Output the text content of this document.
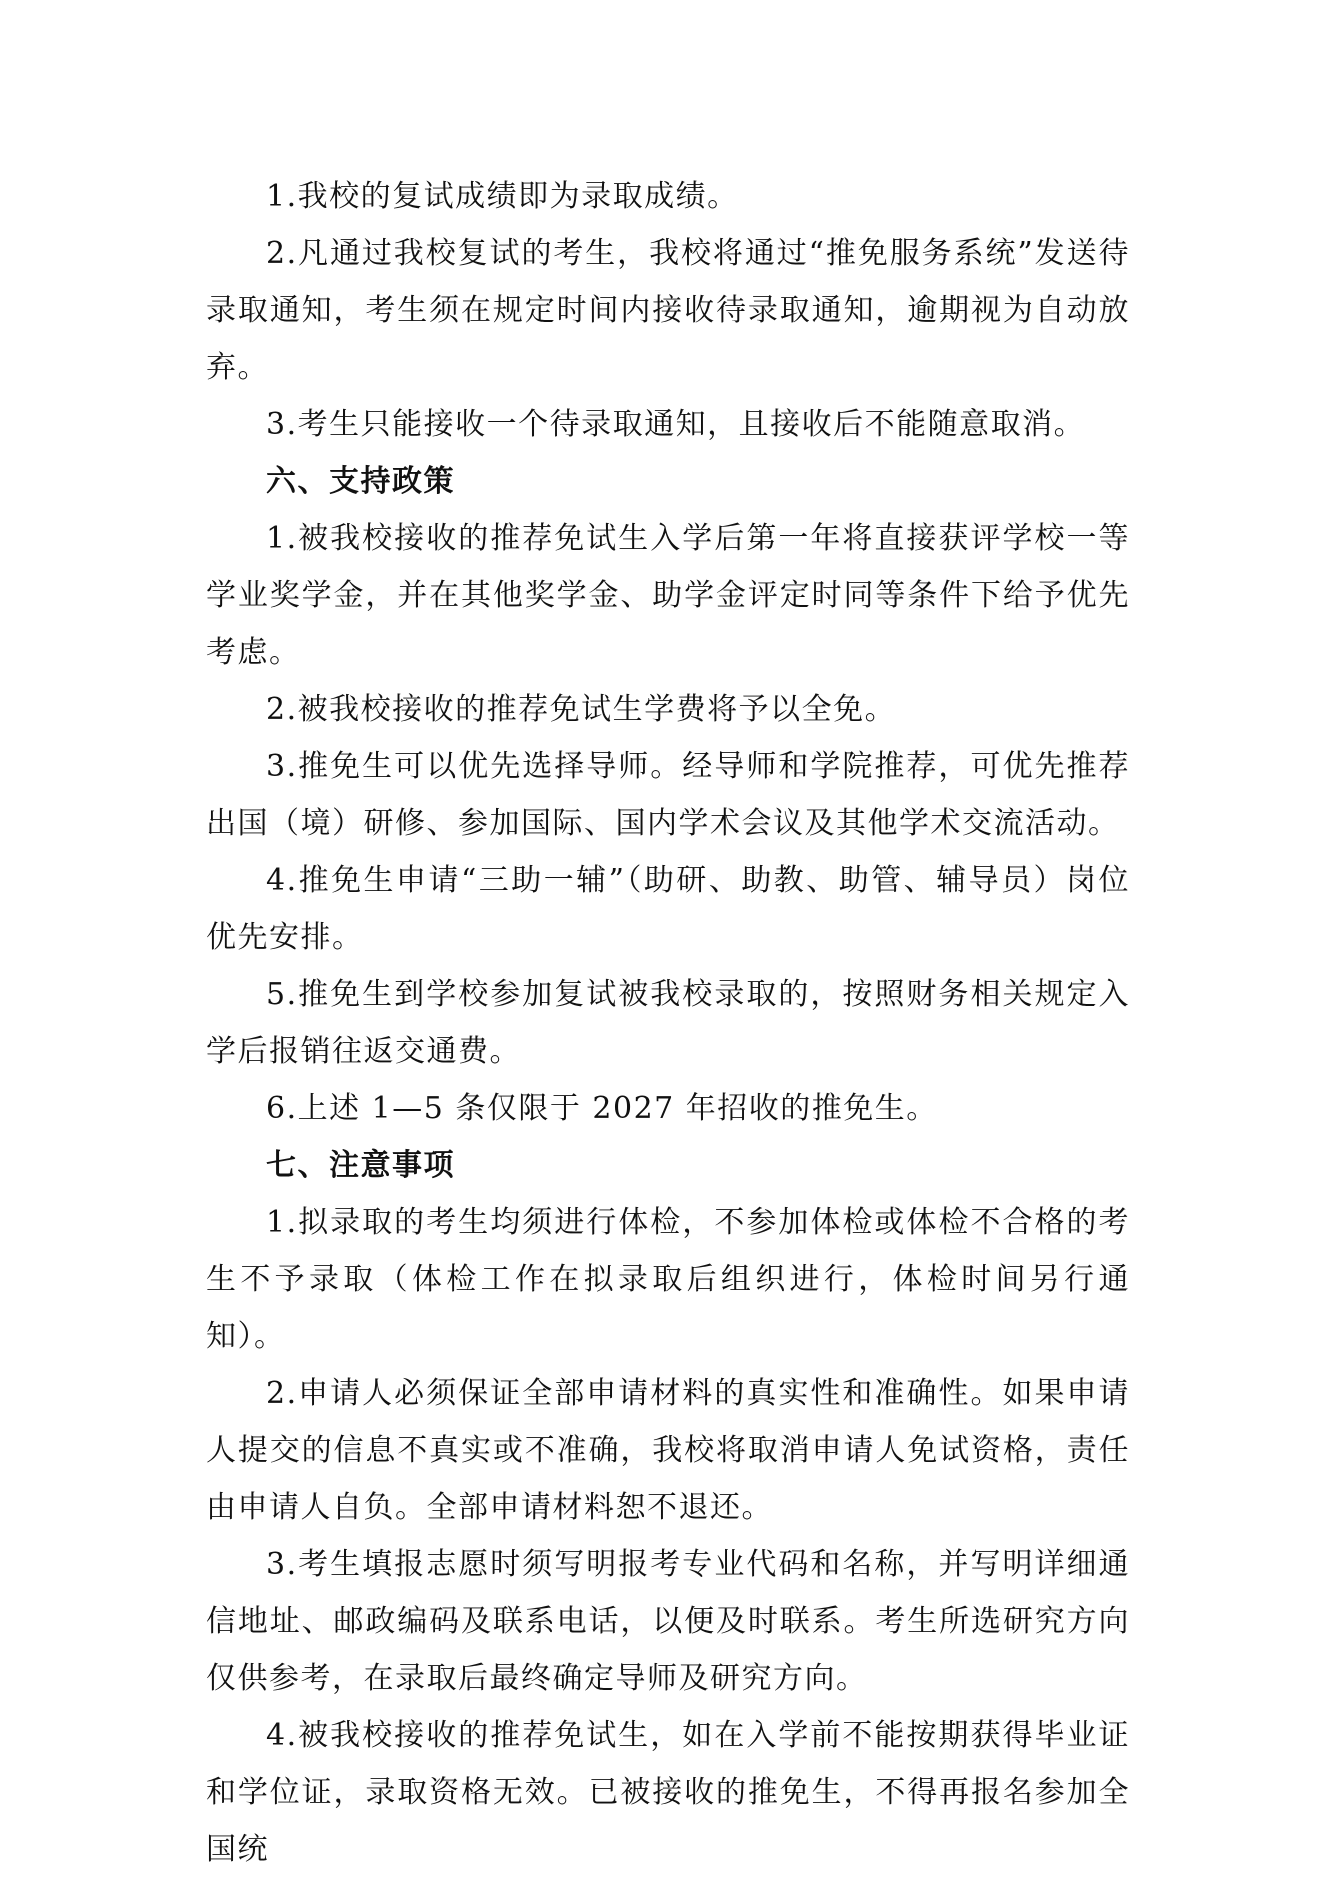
1.我校的复试成绩即为录取成绩。

2.凡通过我校复试的考生，我校将通过“推免服务系统”发送待录取通知，考生须在规定时间内接收待录取通知，逾期视为自动放弃。

3.考生只能接收一个待录取通知，且接收后不能随意取消。

六、支持政策

1.被我校接收的推荐免试生入学后第一年将直接获评学校一等学业奖学金，并在其他奖学金、助学金评定时同等条件下给予优先考虑。

2.被我校接收的推荐免试生学费将予以全免。

3.推免生可以优先选择导师。经导师和学院推荐，可优先推荐出国（境）研修、参加国际、国内学术会议及其他学术交流活动。

4.推免生申请“三助一辅”（助研、助教、助管、辅导员）岗位优先安排。

5.推免生到学校参加复试被我校录取的，按照财务相关规定入学后报销往返交通费。

6.上述 1—5 条仅限于 2027 年招收的推免生。

七、注意事项

1.拟录取的考生均须进行体检，不参加体检或体检不合格的考生不予录取（体检工作在拟录取后组织进行，体检时间另行通知）。

2.申请人必须保证全部申请材料的真实性和准确性。如果申请人提交的信息不真实或不准确，我校将取消申请人免试资格，责任由申请人自负。全部申请材料恕不退还。

3.考生填报志愿时须写明报考专业代码和名称，并写明详细通信地址、邮政编码及联系电话，以便及时联系。考生所选研究方向仅供参考，在录取后最终确定导师及研究方向。

4.被我校接收的推荐免试生，如在入学前不能按期获得毕业证和学位证，录取资格无效。已被接收的推免生，不得再报名参加全国统
